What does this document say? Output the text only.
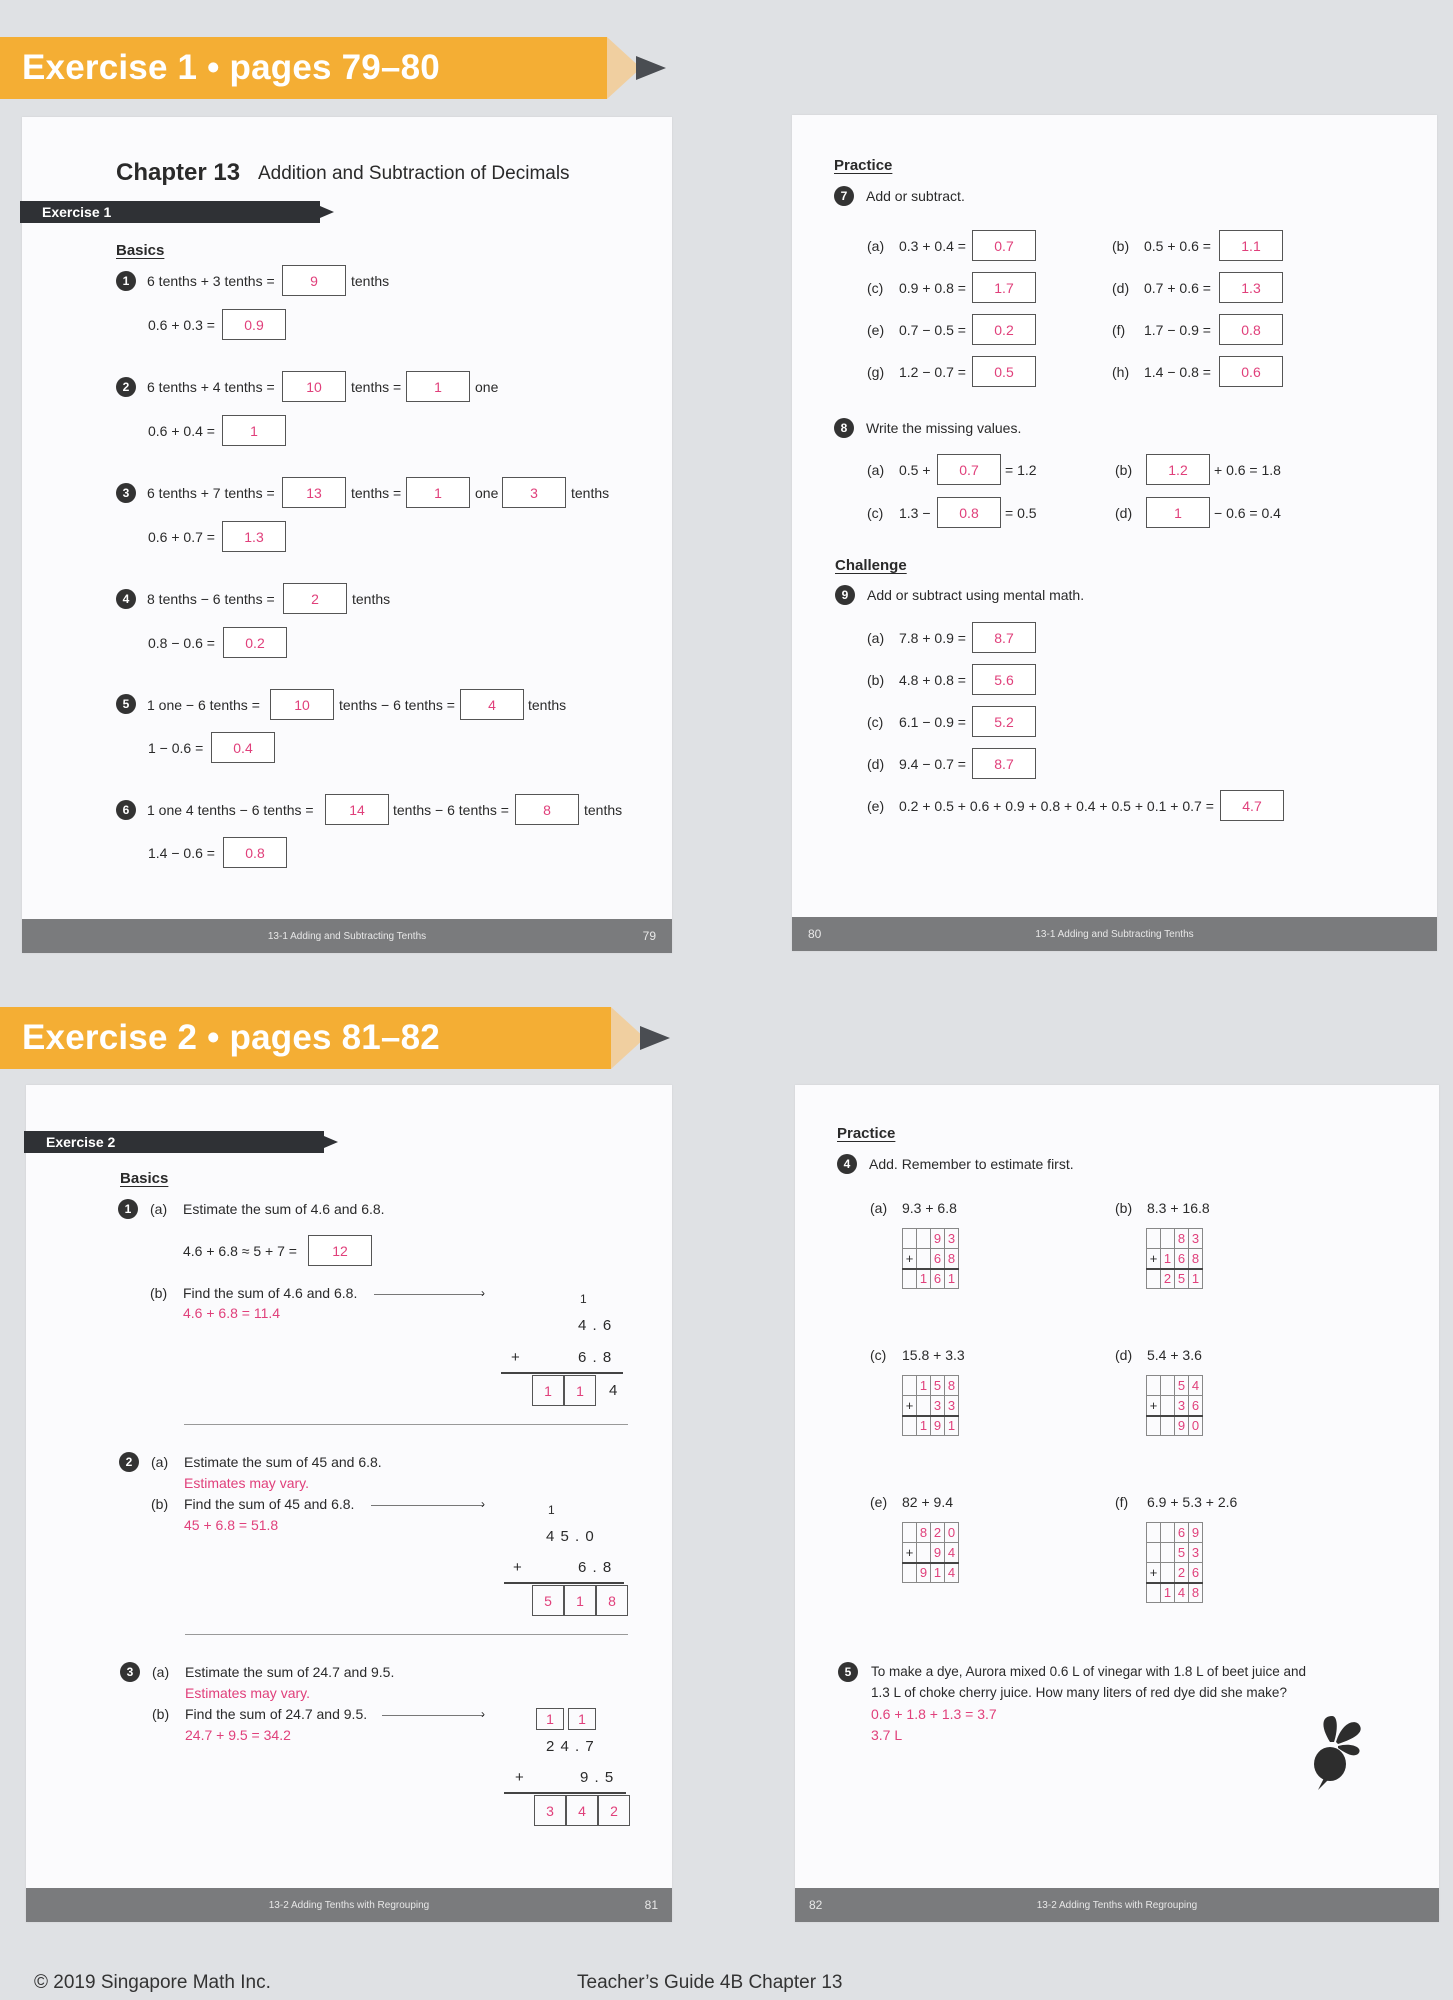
Exercise 1 • pages 79–80
Exercise 2 • pages 81–82
Chapter 13 Addition and Subtraction of Decimals
Exercise 1
Basics
1	6 tenths + 3 tenths =	9	tenths
0.6 + 0.3 =	0.9
2	6 tenths + 4 tenths =	10	tenths =	1	one
0.6 + 0.4 =	1
3	6 tenths + 7 tenths =	13	tenths =	1	one	3	tenths
0.6 + 0.7 =	1.3
4	8 tenths − 6 tenths =	2	tenths
0.8 − 0.6 =	0.2
5	1 one − 6 tenths =	10	tenths − 6 tenths =	4	tenths
1 − 0.6 =	0.4
6	1 one 4 tenths − 6 tenths =	14	tenths − 6 tenths =	8	tenths
1.4 − 0.6 =	0.8
13-1 Adding and Subtracting Tenths	79
Practice
7	Add or subtract.
8	Write the missing values.
(a) 0.5 +	0.7	= 1.2	(b)	1.2	+ 0.6 = 1.8
(c) 1.3 −	0.8	= 0.5	(d)	1	− 0.6 = 0.4
Challenge
9	Add or subtract using mental math.
80	13-1 Adding and Subtracting Tenths
(a) 0.3 + 0.4 =	0.7	(b) 0.5 + 0.6 =	1.1
(c) 0.9 + 0.8 =	1.7	(d) 0.7 + 0.6 =	1.3
(e) 0.7 − 0.5 =	0.2	(f) 1.7 − 0.9 =	0.8
(g) 1.2 − 0.7 =	0.5	(h) 1.4 − 0.8 =	0.6
(a) 7.8 + 0.9 =	8.7
(b) 4.8 + 0.8 =	5.6
(c) 6.1 − 0.9 =	5.2
(d) 9.4 − 0.7 =	8.7
(e) 0.2 + 0.5 + 0.6 + 0.9 + 0.8 + 0.4 + 0.5 + 0.1 + 0.7 =	4.7
Exercise 2
Basics
1	(a) Estimate the sum of 4.6 and 6.8.
4.6 + 6.8 ≈ 5 + 7 =	12
(b) Find the sum of 4.6 and 6.8.
4.6 + 6.8 = 11.4
›	1
4 . 6
+	6 . 8
1	1	4
2	(a) Estimate the sum of 45 and 6.8.
Estimates may vary.
(b) Find the sum of 45 and 6.8.
45 + 6.8 = 51.8
›	1
4 5 . 0
+	6 . 8
5	1	8
3	(a) Estimate the sum of 24.7 and 9.5.
Estimates may vary.
(b) Find the sum of 24.7 and 9.5.
24.7 + 9.5 = 34.2
›	1	1
2 4 . 7
+	9 . 5
3	4	2
13-2 Adding Tenths with Regrouping	81
Practice
4	Add. Remember to estimate first.
5	To make a dye, Aurora mixed 0.6 L of vinegar with 1.8 L of beet juice and
1.3 L of choke cherry juice. How many liters of red dye did she make?
0.6 + 1.8 + 1.3 = 3.7
3.7 L
82	13-2 Adding Tenths with Regrouping
(a) 9.3 + 6.8
		9	3
+		6	8
	1	6	1
(b) 8.3 + 16.8
		8	3
+	1	6	8
	2	5	1
(c) 15.8 + 3.3
	1	5	8
+		3	3
	1	9	1
(d) 5.4 + 3.6
		5	4
+		3	6
		9	0
(e) 82 + 9.4
	8	2	0
+		9	4
	9	1	4
(f) 6.9 + 5.3 + 2.6
		6	9
		5	3
+		2	6
	1	4	8
© 2019 Singapore Math Inc.	Teacher’s Guide 4B Chapter 13
